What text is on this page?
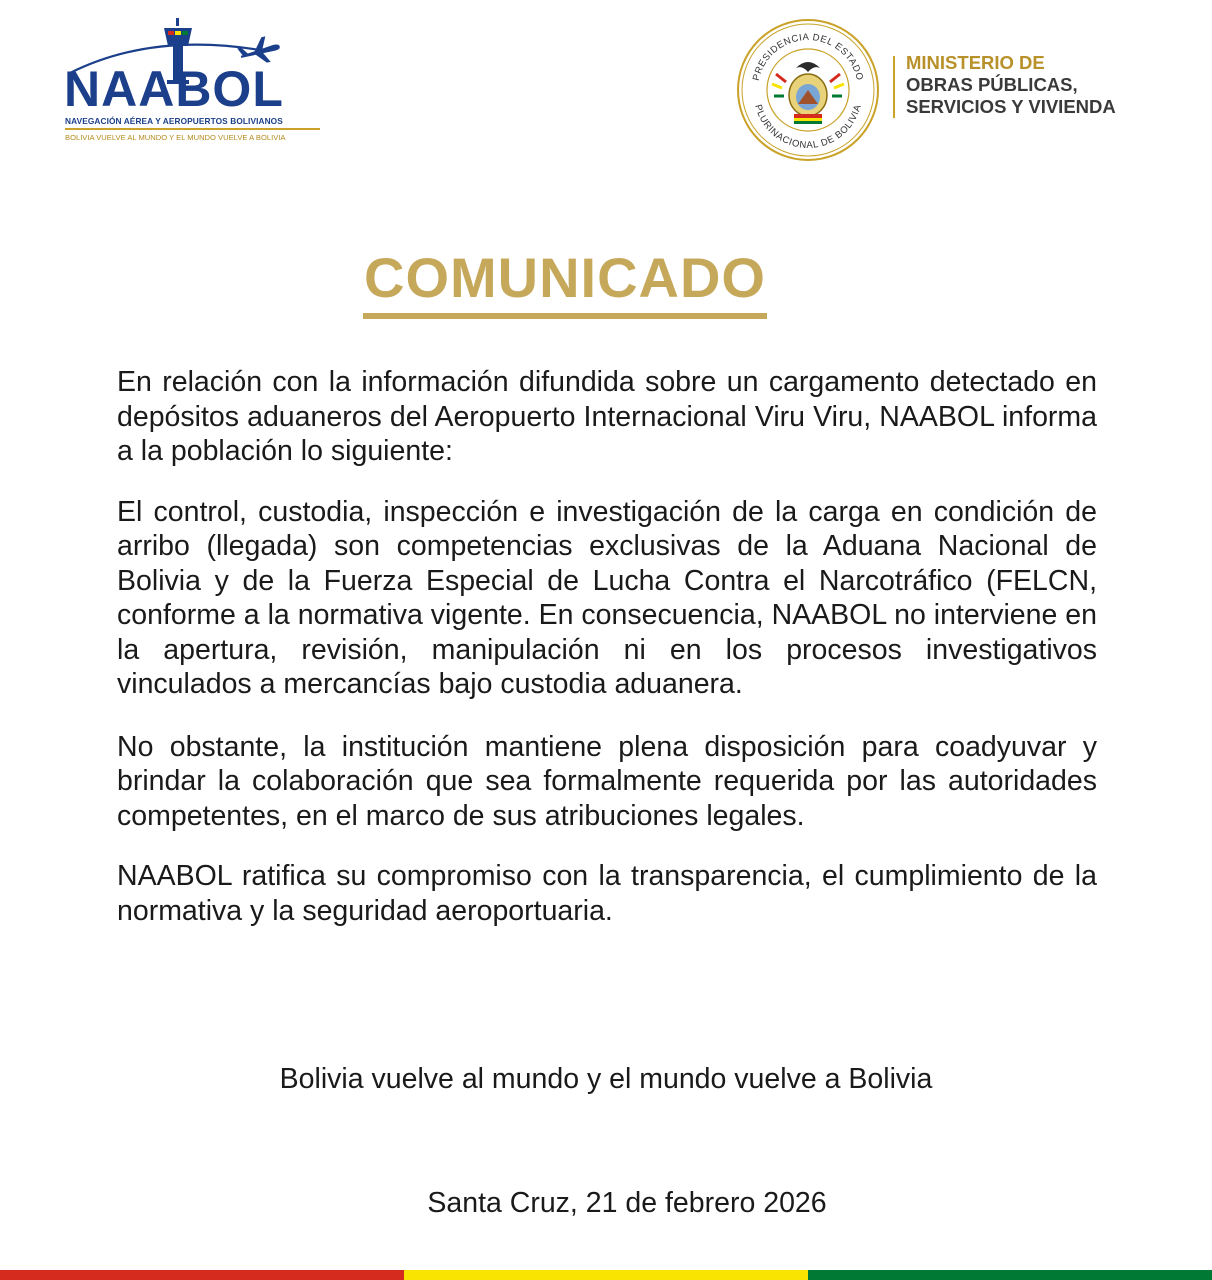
NAABOL
NAVEGACIÓN AÉREA Y AEROPUERTOS BOLIVIANOS
BOLIVIA VUELVE AL MUNDO Y EL MUNDO VUELVE A BOLIVIA
PRESIDENCIA DEL ESTADO
PLURINACIONAL DE BOLIVIA
MINISTERIO DE
OBRAS PÚBLICAS,
SERVICIOS Y VIVIENDA
COMUNICADO

En relación con la información difundida sobre un cargamento detectado en depósitos aduaneros del Aeropuerto Internacional Viru Viru, NAABOL informa a la población lo siguiente:

El control, custodia, inspección e investigación de la carga en condición de arribo (llegada) son competencias exclusivas de la Aduana Nacional de Bolivia y de la Fuerza Especial de Lucha Contra el Narcotráfico (FELCN, conforme a la normativa vigente. En consecuencia, NAABOL no interviene en la apertura, revisión, manipulación ni en los procesos investigativos vinculados a mercancías bajo custodia aduanera.

No obstante, la institución mantiene plena disposición para coadyuvar y brindar la colaboración que sea formalmente requerida por las autoridades competentes, en el marco de sus atribuciones legales.

NAABOL ratifica su compromiso con la transparencia, el cumplimiento de la normativa y la seguridad aeroportuaria.

Bolivia vuelve al mundo y el mundo vuelve a Bolivia
Santa Cruz, 21 de febrero 2026
